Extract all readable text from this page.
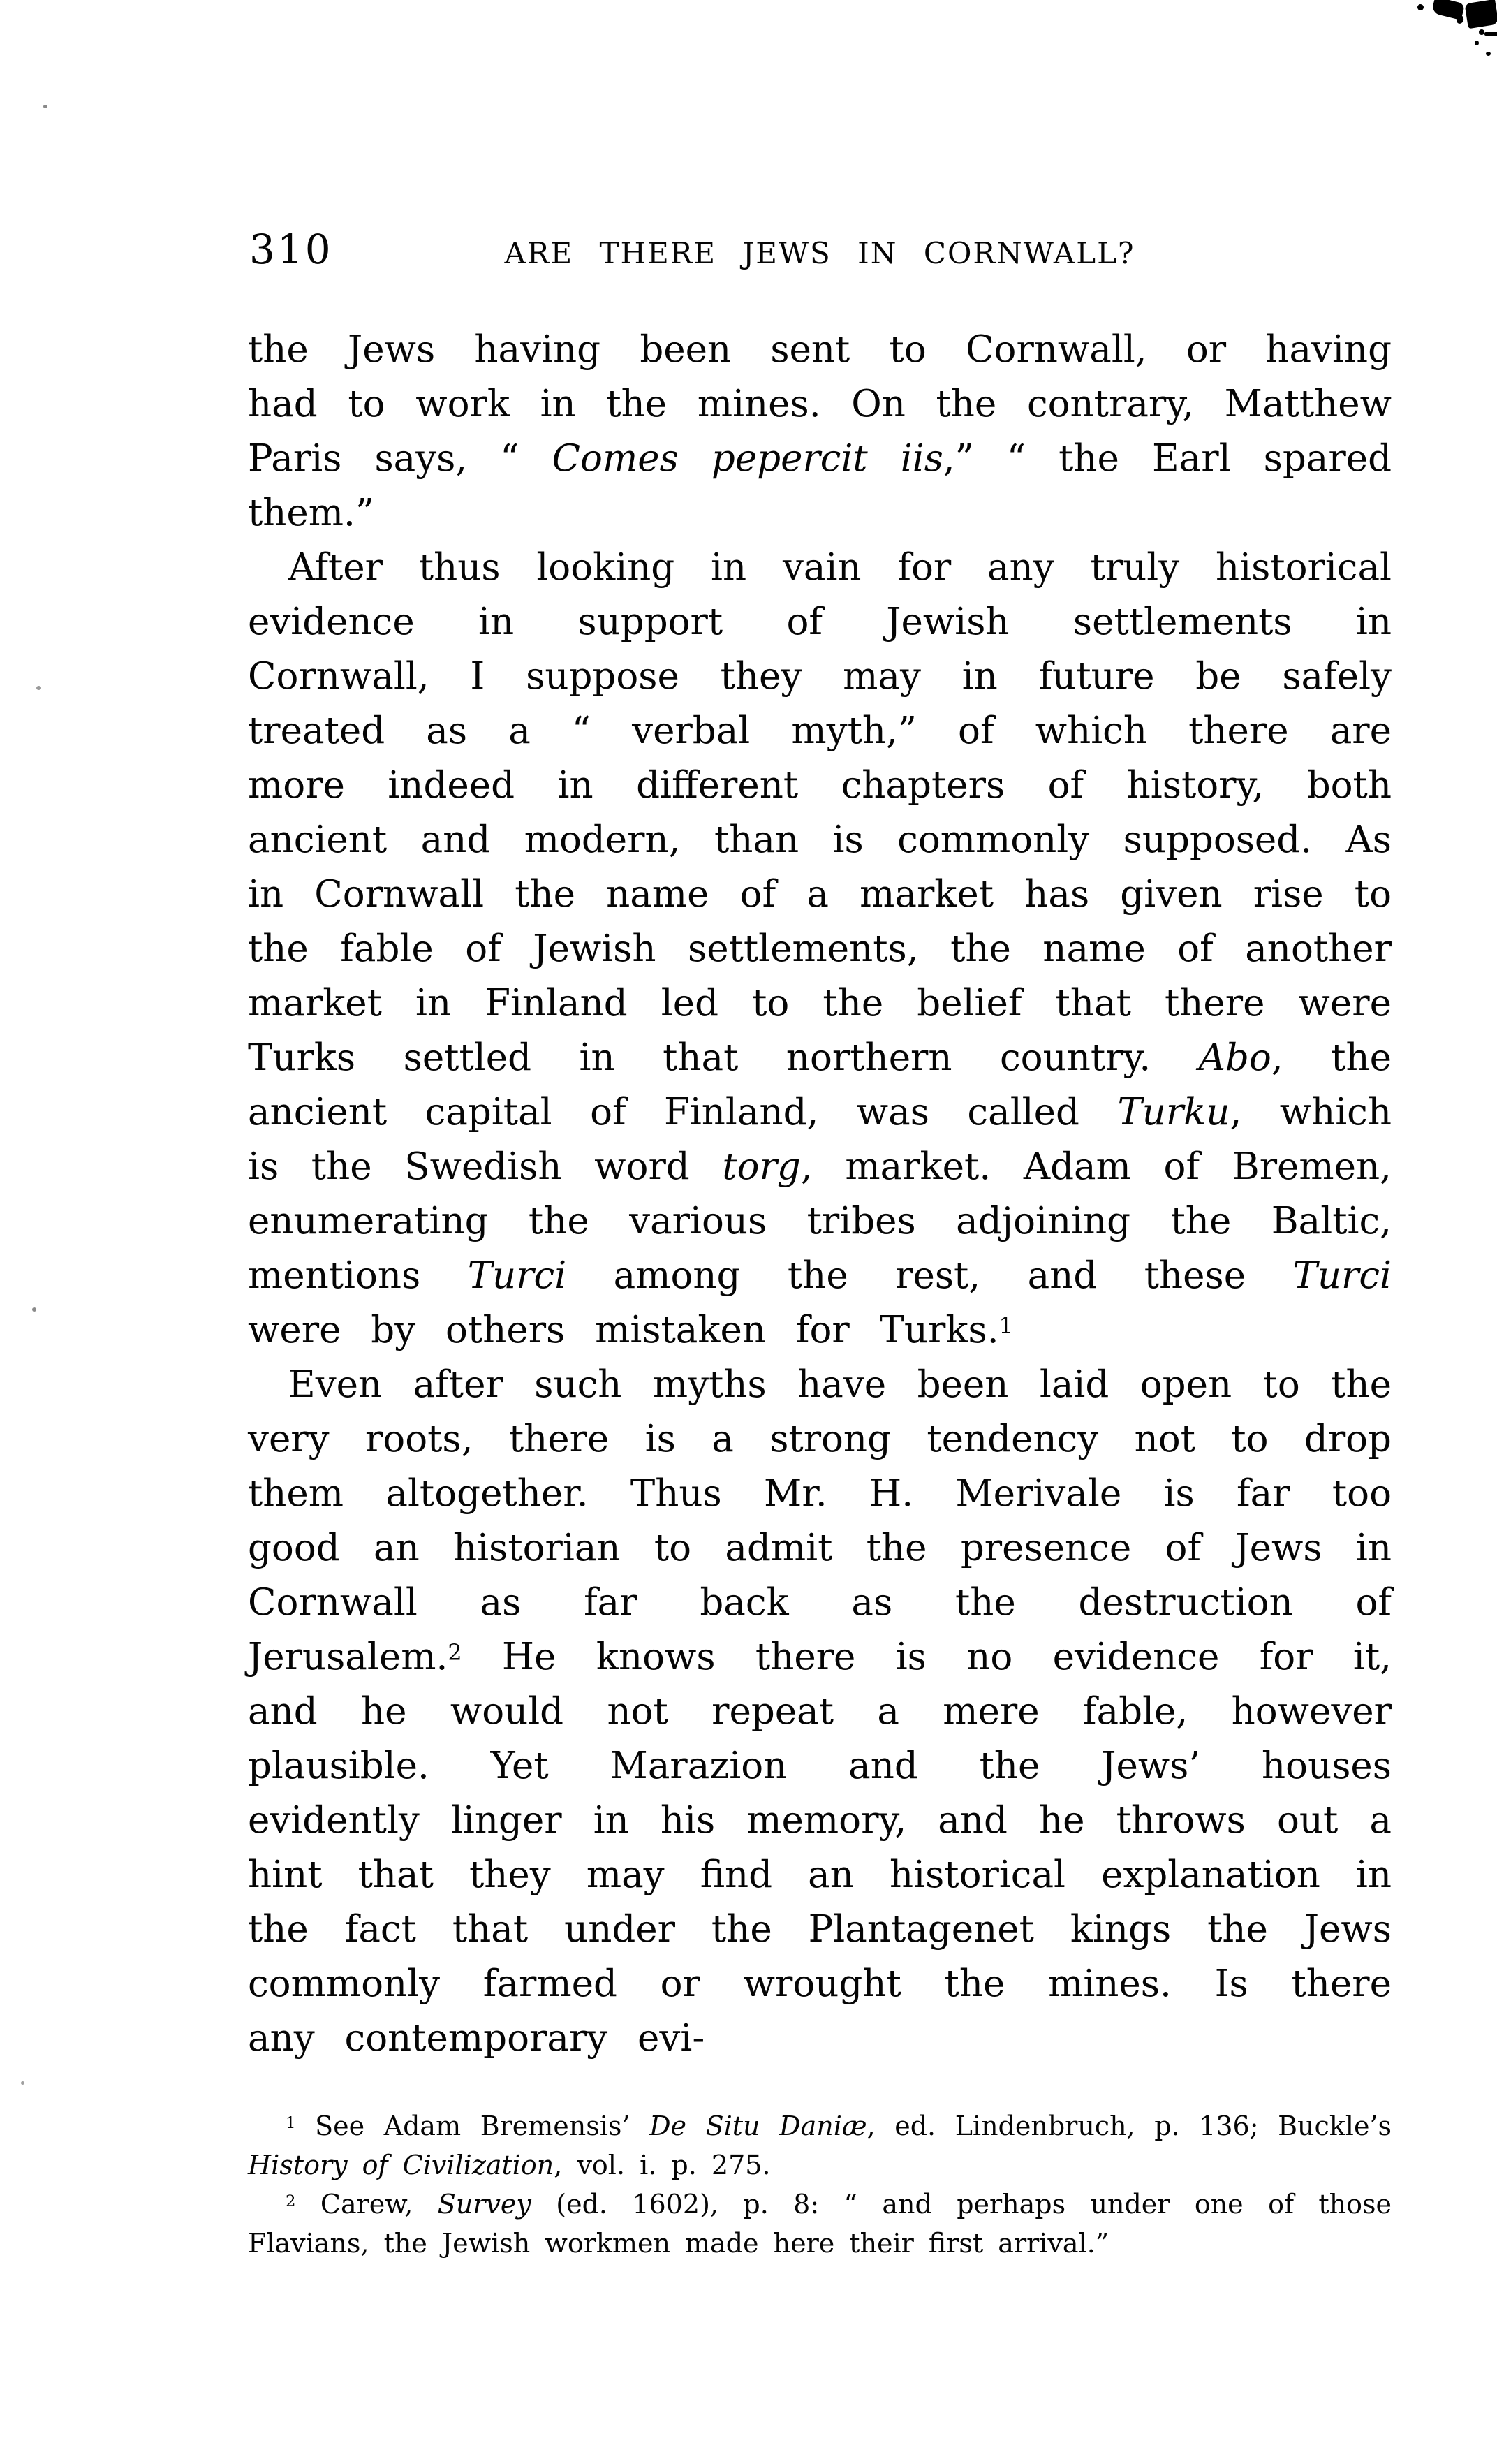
310	ARE THERE JEWS IN CORNWALL?

the Jews having been sent to Cornwall, or having had to work in the mines. On the contrary, Matthew Paris says, “ Comes pepercit iis,” “ the Earl spared them.”

After thus looking in vain for any truly historical evidence in support of Jewish settlements in Cornwall, I suppose they may in future be safely treated as a “ verbal myth,” of which there are more indeed in different chapters of history, both ancient and modern, than is commonly supposed. As in Cornwall the name of a market has given rise to the fable of Jewish settlements, the name of another market in Finland led to the belief that there were Turks settled in that northern country. Abo, the ancient capital of Finland, was called Turku, which is the Swedish word torg, market. Adam of Bremen, enumerating the various tribes adjoining the Baltic, mentions Turci among the rest, and these Turci were by others mistaken for Turks.$^1$

Even after such myths have been laid open to the very roots, there is a strong tendency not to drop them altogether. Thus Mr. H. Merivale is far too good an historian to admit the presence of Jews in Cornwall as far back as the destruction of Jerusalem.$^2$ He knows there is no evidence for it, and he would not repeat a mere fable, however plausible. Yet Marazion and the Jews’ houses evidently linger in his memory, and he throws out a hint that they may find an historical explanation in the fact that under the Plantagenet kings the Jews commonly farmed or wrought the mines. Is there any contemporary evi-

$^1$ See Adam Bremensis’ De Situ Daniæ, ed. Lindenbruch, p. 136; Buckle’s History of Civilization, vol. i. p. 275.

$^2$ Carew, Survey (ed. 1602), p. 8: “ and perhaps under one of those Flavians, the Jewish workmen made here their first arrival.”
